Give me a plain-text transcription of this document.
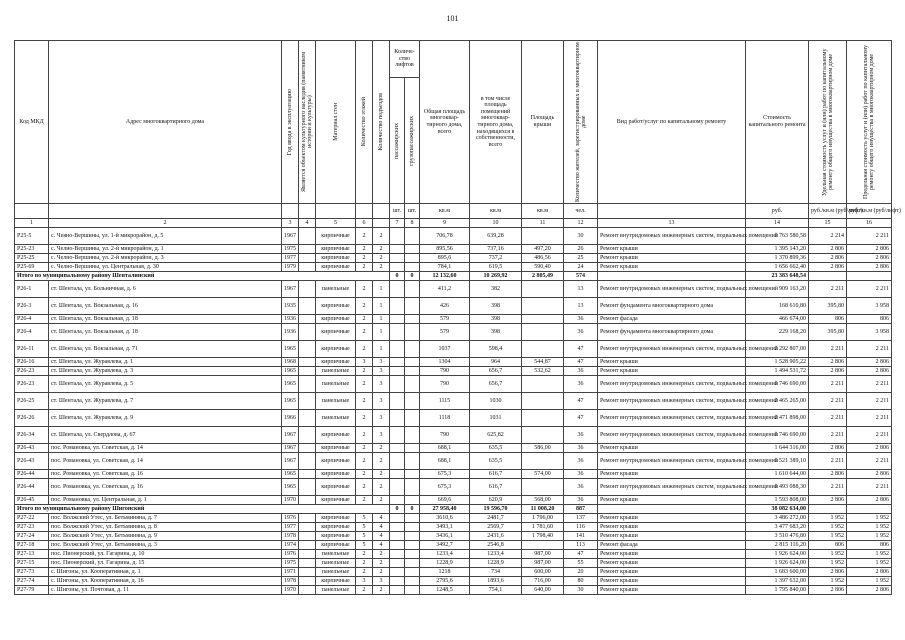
101
Код МКД	Адрес многоквартирного дома	Год ввода в эксплуатацию	Является объектом культурного наследия (памятником истории и культуры)	Материал стен	Количество этажей	Количество подъездов	Количе-ство лифтов		Общая площадь многоквар-тирного дома, всего	в том числе площадь помещений многоквар-тирного дома, находящихся в собственности, всего	Площадь крыши	Количество жителей, зарегистрированных в многоквартирном доме	Вид работ/услуг по капитальному ремонту	Стоимость капитального ремонта	Удельная стоимость услуг и (или) работ по капитальному ремонту общего имущества в многоквартирном доме	Предельная стоимость услуг и (или) работ по капитальному ремонту общего имущества в многоквартирном доме

							пассажирских	грузопассажирских								

							шт.	шт.	кв.м	кв.м	кв.м	чел.		руб.	руб./кв.м (руб/лифт)	руб./кв.м (руб/лифт)
1	2	3	4	5	6		7	8	9	10	11	12	13	14	15	16
P25-5	с. Чеяно-Вершины, ул. 1-й микрорайон, д. 5	1967		кирпичные	2	2			706,78	639,28		30	Ремонт внутридомовых инженерных систем, подвальных помещений	1 763 580,58	2 214	2 211
P25-23	с. Челно-Вершины, ул. 2-й микрорайон, д. 1	1975		кирпичные	2	2			895,56	737,16	497,20	26	Ремонт крыши	1 395 143,20	2 806	2 806
P25-25	с. Челно-Вершины, ул. 2-й микрорайон, д. 3	1977		кирпичные	2	2			895,6	737,2	486,56	25	Ремонт крыши	1 370 899,36	2 806	2 806
P25-69	с. Челно-Вершины, ул. Центральная, д. 30	1979		кирпичные	2	2			784,1	619,5	590,40	24	Ремонт крыши	1 656 662,40	2 806	2 806
Итого по муниципальному району Шенталинский							0	0	12 132,60	10 269,92	2 805,49	574		23 383 648,54		
P26-1	ст. Шентала, ул. Больничная, д. 6	1967		панельные	2	1			411,2	382		13	Ремонт внутридомовых инженерных систем, подвальных помещений	909 163,20	2 211	2 211
P26-3	ст. Шентала, ул. Вокзальная, д. 16	1935		кирпичные	2	1			426	398		13	Ремонт фундамента многоквартирного дома	168 610,80	395,80	3 958
P26-4	ст. Шентала, ул. Вокзальная, д. 18	1936		кирпичные	2	1			579	398		36	Ремонт фасада	466 674,00	806	806
P26-4	ст. Шентала, ул. Вокзальная, д. 18	1936		кирпичные	2	1			579	398		36	Ремонт фундамента многоквартирного дома	229 168,20	395,80	3 958
P26-11	ст. Шентала, ул. Вокзальная, д. 71	1965		кирпичные	2	1			1037	598,4		47	Ремонт внутридомовых инженерных систем, подвальных помещений	2 292 807,00	2 211	2 211
P26-16	ст. Шентала, ул. Журавлева, д. 1	1968		кирпичные	3	3			1304	964	544,87	47	Ремонт крыши	1 528 905,22	2 806	2 806
P26-23	ст. Шентала, ул. Журавлева, д. 3	1965		панельные	2	3			790	656,7	532,62	36	Ремонт крыши	1 494 531,72	2 806	2 806
P26-23	ст. Шентала, ул. Журавлева, д. 5	1965		панельные	2	3			790	656,7		36	Ремонт внутридомовых инженерных систем, подвальных помещений	1 746 690,00	2 211	2 211
P26-25	ст. Шентала, ул. Журавлева, д. 7	1965		панельные	2	3			1115	1030		47	Ремонт внутридомовых инженерных систем, подвальных помещений	2 465 265,00	2 211	2 211
P26-26	ст. Шентала, ул. Журавлева, д. 9	1966		панельные	2	3			1118	1031		47	Ремонт внутридомовых инженерных систем, подвальных помещений	2 471 898,00	2 211	2 211
P26-34	ст. Шентала, ул. Свердлова, д. 67	1967		кирпичные	2	3			790	625,82		36	Ремонт внутридомовых инженерных систем, подвальных помещений	1 746 690,00	2 211	2 211
P26-43	пос. Романовка, ул. Советская, д. 14	1967		кирпичные	2	2			688,1	635,5	586,00	36	Ремонт крыши	1 644 316,00	2 806	2 806
P26-43	пос. Романовка, ул. Советская, д. 14	1967		кирпичные	2	2			688,1	635,5		36	Ремонт внутридомовых инженерных систем, подвальных помещений	1 521 389,10	2 211	2 211
P26-44	пос. Романовка, ул. Советская, д. 16	1965		кирпичные	2	2			675,3	616,7	574,00	36	Ремонт крыши	1 610 644,00	2 806	2 806
P26-44	пос. Романовка, ул. Советская, д. 16	1965		кирпичные	2	2			675,3	616,7		36	Ремонт внутридомовых инженерных систем, подвальных помещений	1 493 088,30	2 211	2 211
P26-45	пос. Романовка, ул. Центральная, д. 1	1970		кирпичные	2	2			669,6	620,9	568,00	36	Ремонт крыши	1 593 808,00	2 806	2 806
Итого по муниципальному району Шигонский							0	0	27 958,40	19 596,70	11 008,20	887		38 082 634,00		
P27-22	пос. Волжский Утес, ул. Бетьминяна, д. 7	1976		кирпичные	5	4			3610,6	2481,7	1 796,00	137	Ремонт крыши	3 486 272,00	1 952	1 952
P27-23	пос. Волжский Утес, ул. Бетьминяна, д. 8	1977		кирпичные	5	4			3493,1	2569,7	1 781,60	116	Ремонт крыши	3 477 683,20	1 952	1 952
P27-24	пос. Волжский Утес, ул. Бетьминяна, д. 9	1978		кирпичные	5	4			3436,1	2431,6	1 798,40	141	Ремонт крыши	3 510 476,80	1 952	1 952
P27-18	пос. Волжский Утес, ул. Бетьминяна, д. 3	1974		кирпичные	5	4			3492,7	2546,8		113	Ремонт фасада	2 815 116,20	806	806
P27-13	пос. Пионерский, ул. Гагарина, д. 10	1976		панельные	2	2			1233,4	1233,4	987,00	47	Ремонт крыши	1 926 624,00	1 952	1 952
P27-15	пос. Пионерский, ул. Гагарина, д. 15	1975		панельные	2	2			1228,9	1228,9	987,00	55	Ремонт крыши	1 926 624,00	1 952	1 952
P27-73	с. Шигоны, ул. Кооперативная, д. 1	1971		панельные	2	2			1218	734	600,00	20	Ремонт крыши	1 683 600,00	2 806	2 806
P27-74	с. Шигоны, ул. Кооперативная, д. 16	1978		кирпичные	3	3			2795,6	1893,6	716,00	80	Ремонт крыши	1 397 632,00	1 952	1 952
P27-79	с. Шигоны, ул. Почтовая, д. 11	1970		панельные	2	2			1248,5	754,1	640,00	30	Ремонт крыши	1 795 840,00	2 806	2 806
